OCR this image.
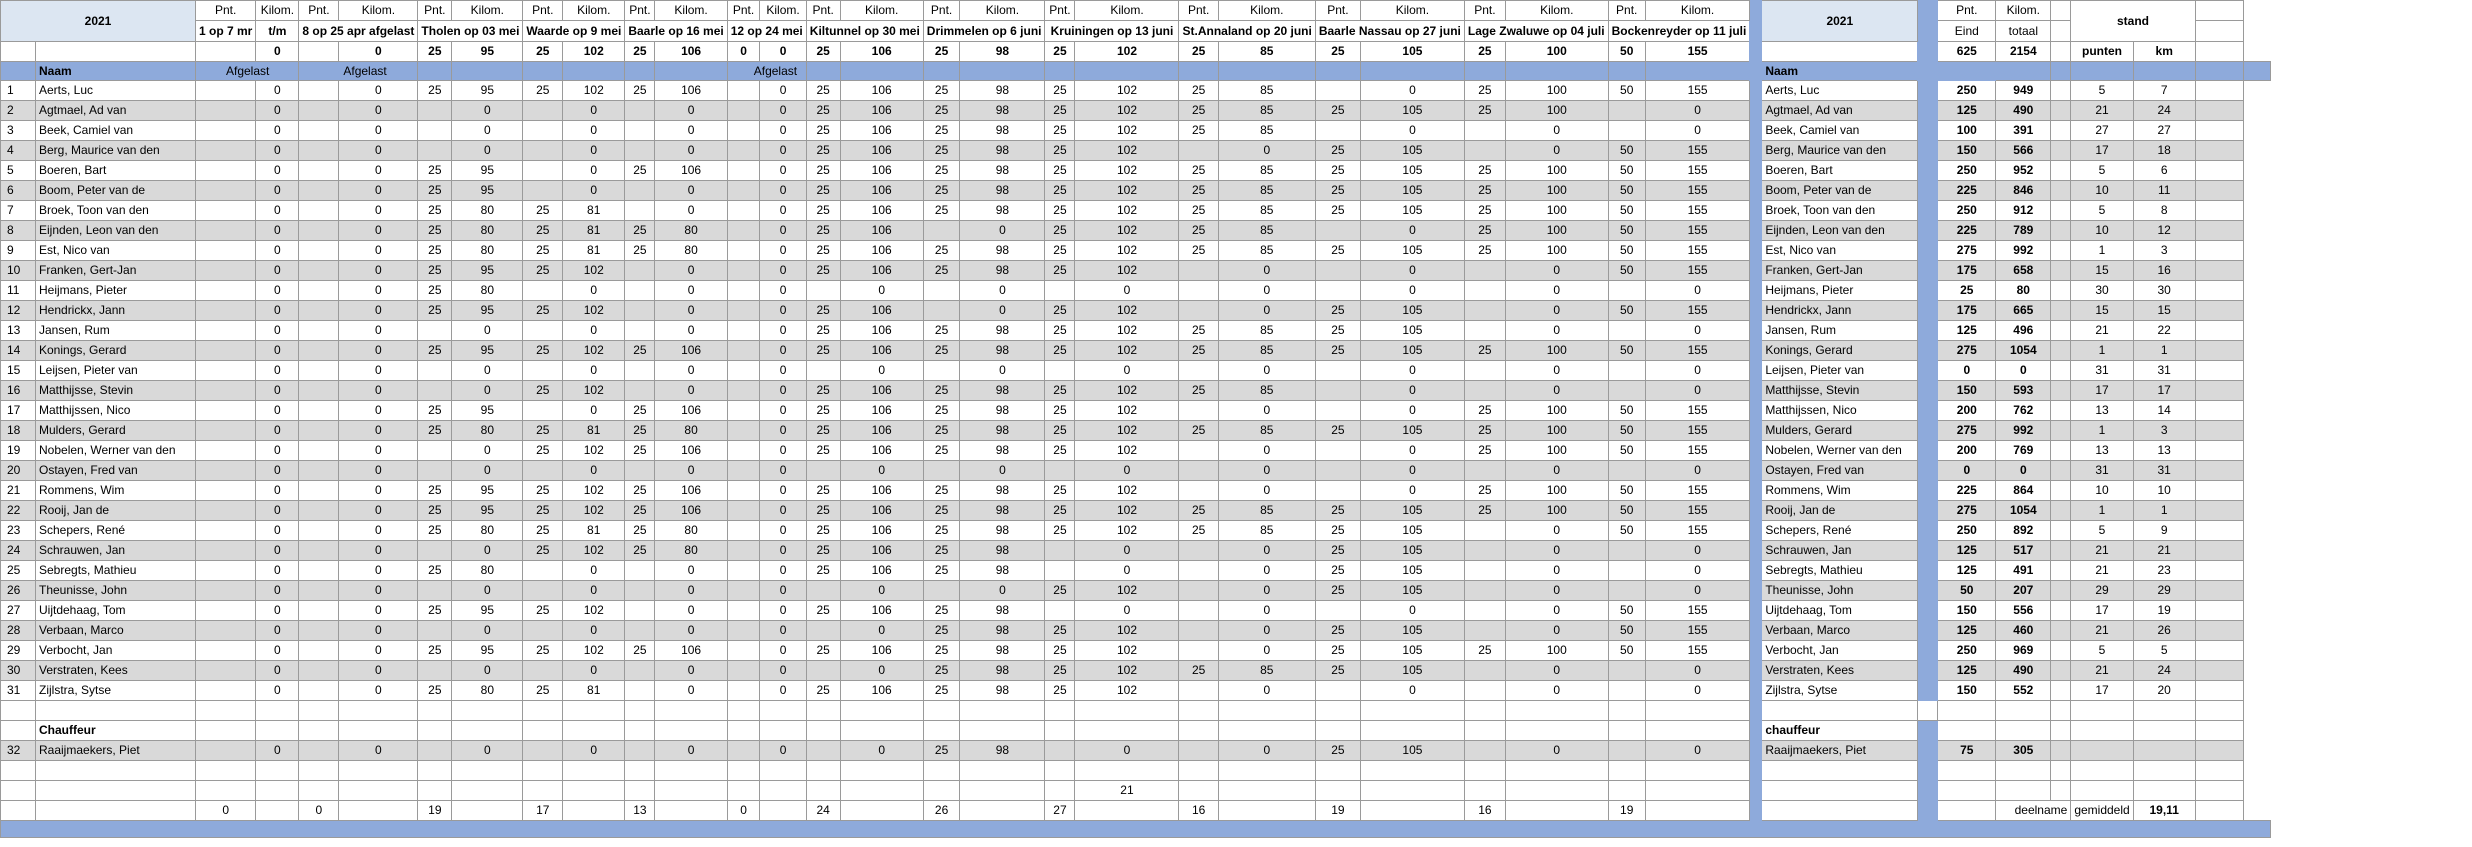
2021		Pnt.	Kilom.	Pnt.	Kilom.	Pnt.	Kilom.	Pnt.	Kilom.	Pnt.	Kilom.	Pnt.	Kilom.	Pnt.	Kilom.	Pnt.	Kilom.	Pnt.	Kilom.	Pnt.	Kilom.	Pnt.	Kilom.	Pnt.	Kilom.	Pnt.	Kilom.		2021		Pnt.	Kilom.		stand			
		1 op 7 mr	t/m	8 op 25 apr afgelast		Tholen op 03 mei		Waarde op 9 mei		Baarle op 16 mei		12 op 24 mei		Kiltunnel op 30 mei		Drimmelen op 6 juni		Kruiningen op 13 juni		St.Annaland op 20 juni		Baarle Nassau op 27 juni		Lage Zwaluwe op 04 juli		Bockenreyder op 11 juli					Eind	totaal					
			0		0	25	95	25	102	25	106	0	0	25	106	25	98	25	102	25	85	25	105	25	100	50	155				625	2154		punten	km		
	Naam	Afgelast		Afgelast								Afgelast																	Naam								
1	Aerts, Luc		0		0	25	95	25	102	25	106		0	25	106	25	98	25	102	25	85		0	25	100	50	155		Aerts, Luc		250	949		5	7		
2	Agtmael, Ad van		0		0		0		0		0		0	25	106	25	98	25	102	25	85	25	105	25	100		0		Agtmael, Ad van		125	490		21	24		
3	Beek, Camiel van		0		0		0		0		0		0	25	106	25	98	25	102	25	85		0		0		0		Beek, Camiel van		100	391		27	27		
4	Berg, Maurice van den		0		0		0		0		0		0	25	106	25	98	25	102		0	25	105		0	50	155		Berg, Maurice van den		150	566		17	18		
5	Boeren, Bart		0		0	25	95		0	25	106		0	25	106	25	98	25	102	25	85	25	105	25	100	50	155		Boeren, Bart		250	952		5	6		
6	Boom, Peter van de		0		0	25	95		0		0		0	25	106	25	98	25	102	25	85	25	105	25	100	50	155		Boom, Peter van de		225	846		10	11		
7	Broek, Toon van den		0		0	25	80	25	81		0		0	25	106	25	98	25	102	25	85	25	105	25	100	50	155		Broek, Toon van den		250	912		5	8		
8	Eijnden, Leon van den		0		0	25	80	25	81	25	80		0	25	106		0	25	102	25	85		0	25	100	50	155		Eijnden, Leon van den		225	789		10	12		
9	Est, Nico van		0		0	25	80	25	81	25	80		0	25	106	25	98	25	102	25	85	25	105	25	100	50	155		Est, Nico van		275	992		1	3		
10	Franken, Gert-Jan		0		0	25	95	25	102		0		0	25	106	25	98	25	102		0		0		0	50	155		Franken, Gert-Jan		175	658		15	16		
11	Heijmans, Pieter		0		0	25	80		0		0		0		0		0		0		0		0		0		0		Heijmans, Pieter		25	80		30	30		
12	Hendrickx, Jann		0		0	25	95	25	102		0		0	25	106		0	25	102		0	25	105		0	50	155		Hendrickx, Jann		175	665		15	15		
13	Jansen, Rum		0		0		0		0		0		0	25	106	25	98	25	102	25	85	25	105		0		0		Jansen, Rum		125	496		21	22		
14	Konings, Gerard		0		0	25	95	25	102	25	106		0	25	106	25	98	25	102	25	85	25	105	25	100	50	155		Konings, Gerard		275	1054		1	1		
15	Leijsen, Pieter van		0		0		0		0		0		0		0		0		0		0		0		0		0		Leijsen, Pieter van		0	0		31	31		
16	Matthijsse, Stevin		0		0		0	25	102		0		0	25	106	25	98	25	102	25	85		0		0		0		Matthijsse, Stevin		150	593		17	17		
17	Matthijssen, Nico		0		0	25	95		0	25	106		0	25	106	25	98	25	102		0		0	25	100	50	155		Matthijssen, Nico		200	762		13	14		
18	Mulders, Gerard		0		0	25	80	25	81	25	80		0	25	106	25	98	25	102	25	85	25	105	25	100	50	155		Mulders, Gerard		275	992		1	3		
19	Nobelen, Werner van den		0		0		0	25	102	25	106		0	25	106	25	98	25	102		0		0	25	100	50	155		Nobelen, Werner van den		200	769		13	13		
20	Ostayen, Fred van		0		0		0		0		0		0		0		0		0		0		0		0		0		Ostayen, Fred van		0	0		31	31		
21	Rommens, Wim		0		0	25	95	25	102	25	106		0	25	106	25	98	25	102		0		0	25	100	50	155		Rommens, Wim		225	864		10	10		
22	Rooij, Jan de		0		0	25	95	25	102	25	106		0	25	106	25	98	25	102	25	85	25	105	25	100	50	155		Rooij, Jan de		275	1054		1	1		
23	Schepers, René		0		0	25	80	25	81	25	80		0	25	106	25	98	25	102	25	85	25	105		0	50	155		Schepers, René		250	892		5	9		
24	Schrauwen, Jan		0		0		0	25	102	25	80		0	25	106	25	98		0		0	25	105		0		0		Schrauwen, Jan		125	517		21	21		
25	Sebregts, Mathieu		0		0	25	80		0		0		0	25	106	25	98		0		0	25	105		0		0		Sebregts, Mathieu		125	491		21	23		
26	Theunisse, John		0		0		0		0		0		0		0		0	25	102		0	25	105		0		0		Theunisse, John		50	207		29	29		
27	Uijtdehaag, Tom		0		0	25	95	25	102		0		0	25	106	25	98		0		0		0		0	50	155		Uijtdehaag, Tom		150	556		17	19		
28	Verbaan, Marco		0		0		0		0		0		0		0	25	98	25	102		0	25	105		0	50	155		Verbaan, Marco		125	460		21	26		
29	Verbocht, Jan		0		0	25	95	25	102	25	106		0	25	106	25	98	25	102		0	25	105	25	100	50	155		Verbocht, Jan		250	969		5	5		
30	Verstraten, Kees		0		0		0		0		0		0		0	25	98	25	102	25	85	25	105		0		0		Verstraten, Kees		125	490		21	24		
31	Zijlstra, Sytse		0		0	25	80	25	81		0		0	25	106	25	98	25	102		0		0		0		0		Zijlstra, Sytse		150	552		17	20		

	Chauffeur																												chauffeur								
32	Raaijmaekers, Piet		0		0		0		0		0		0		0	25	98		0		0	25	105		0		0		Raaijmaekers, Piet		75	305					

																			21																		
		0		0		19		17		13		0		24		26		27		16		19		16		19						deelname		gemiddeld	19,11		
